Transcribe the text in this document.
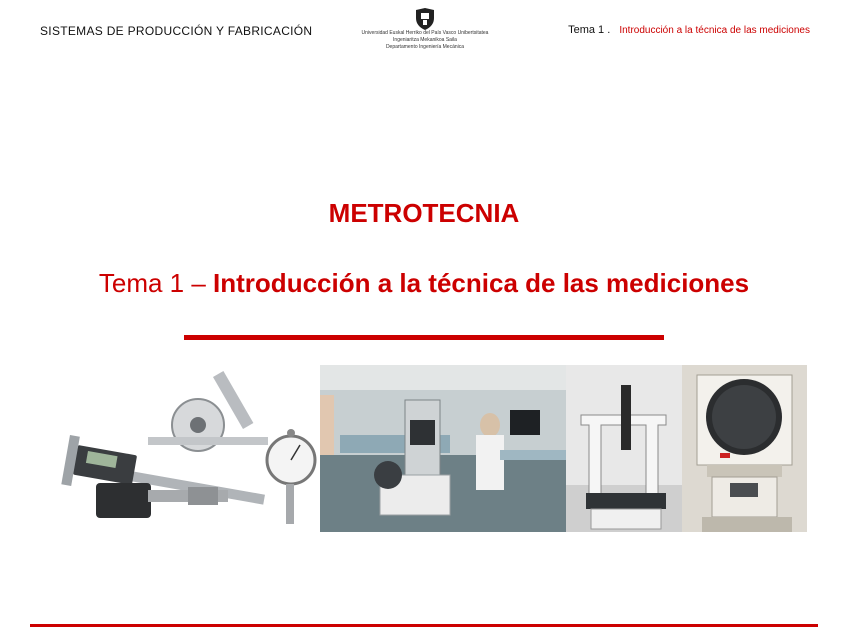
SISTEMAS DE PRODUCCIÓN Y FABRICACIÓN	Universidad Euskal Herriko del País Vasco Unibertsitatea
Ingeniaritza Mekanikoa Saila
Departamento Ingeniería Mecánica
Tema 1 . Introducción a la técnica de las mediciones
METROTECNIA
Tema 1 – Introducción a la técnica de las mediciones
